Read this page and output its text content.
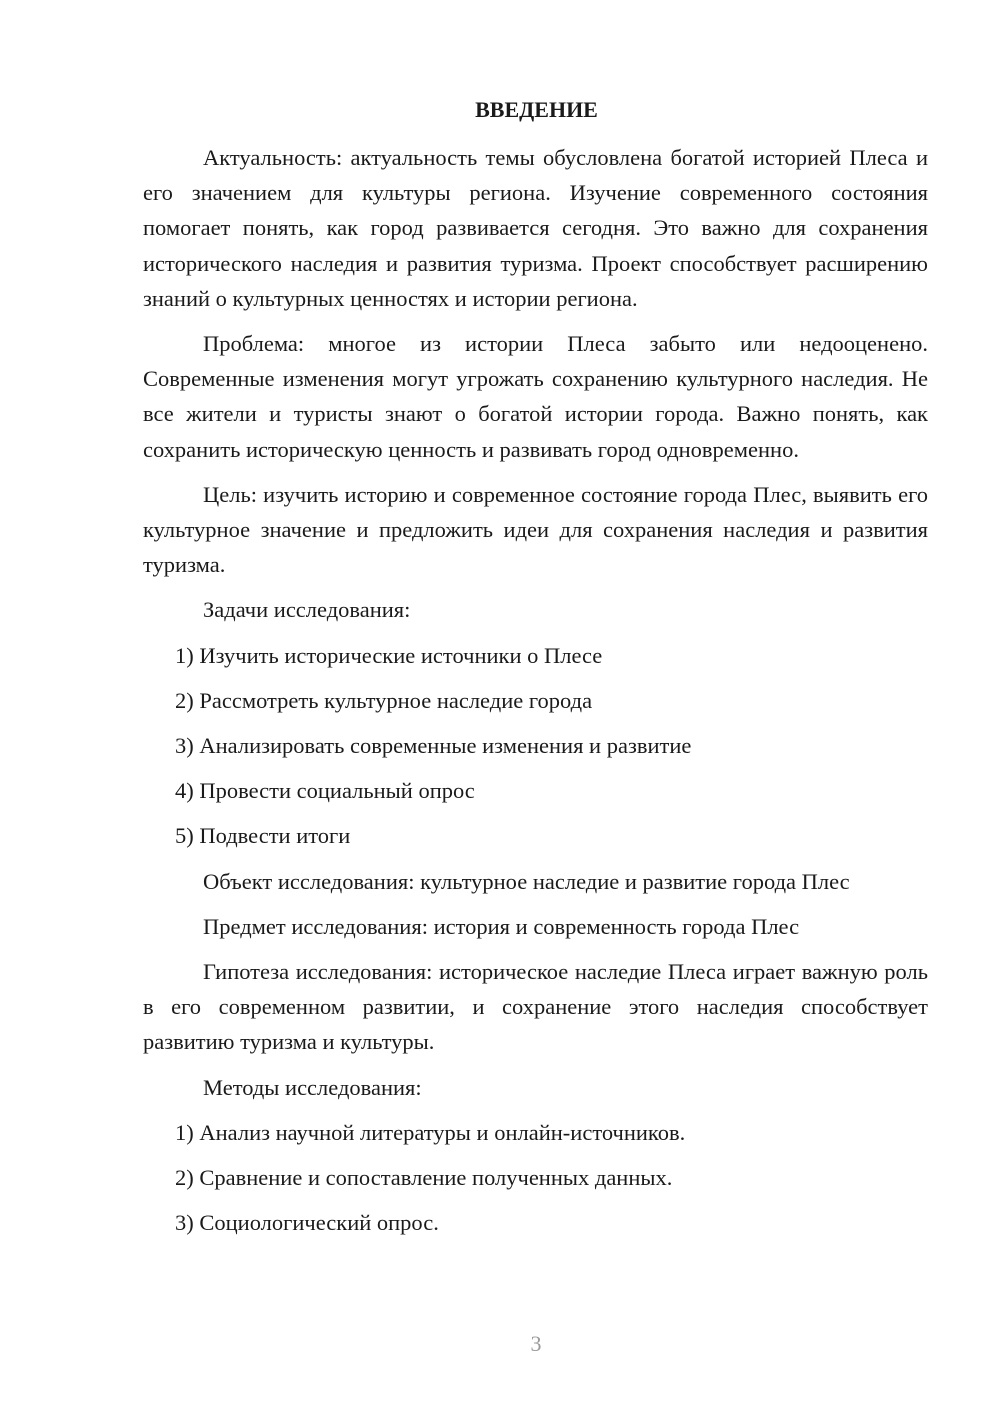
ВВЕДЕНИЕ

Актуальность: актуальность темы обусловлена богатой историей Плеса и его значением для культуры региона. Изучение современного состояния помогает понять, как город развивается сегодня. Это важно для сохранения исторического наследия и развития туризма. Проект способствует расширению знаний о культурных ценностях и истории региона.

Проблема: многое из истории Плеса забыто или недооценено. Современные изменения могут угрожать сохранению культурного наследия. Не все жители и туристы знают о богатой истории города. Важно понять, как сохранить историческую ценность и развивать город одновременно.

Цель: изучить историю и современное состояние города Плес, выявить его культурное значение и предложить идеи для сохранения наследия и развития туризма.

Задачи исследования:

1) Изучить исторические источники о Плесе

2) Рассмотреть культурное наследие города

3) Анализировать современные изменения и развитие

4) Провести социальный опрос

5) Подвести итоги

Объект исследования: культурное наследие и развитие города Плес

Предмет исследования: история и современность города Плес

Гипотеза исследования: историческое наследие Плеса играет важную роль в его современном развитии, и сохранение этого наследия способствует развитию туризма и культуры.

Методы исследования:

1) Анализ научной литературы и онлайн-источников.

2) Сравнение и сопоставление полученных данных.

3) Социологический опрос.

3
